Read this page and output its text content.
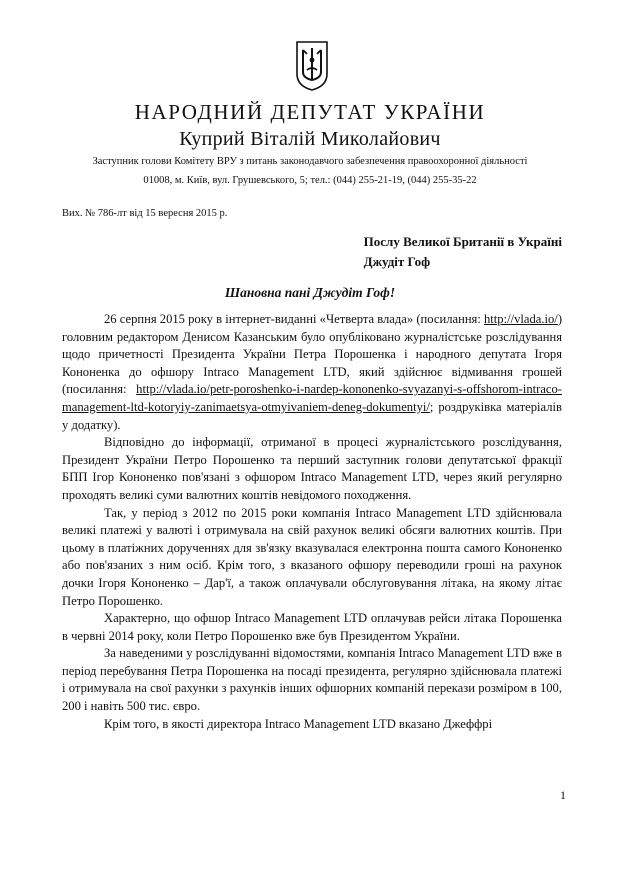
НАРОДНИЙ ДЕПУТАТ УКРАЇНИ
Куприй Віталій Миколайович
Заступник голови Комітету ВРУ з питань законодавчого забезпечення правоохоронної діяльності
01008, м. Київ, вул. Грушевського, 5; тел.: (044) 255-21-19, (044) 255-35-22
Вих. № 786-лт від 15 вересня 2015 р.
Послу Великої Британії в Україні
Джудіт Гоф
Шановна пані Джудіт Гоф!

26 серпня 2015 року в інтернет-виданні «Четверта влада» (посилання: http://vlada.io/) головним редактором Денисом Казанським було опубліковано журналістське розслідування щодо причетності Президента України Петра Порошенка і народного депутата Ігоря Кононенка до офшору Intraco Management LTD, який здійснює відмивання грошей (посилання: http://vlada.io/petr-poroshenko-i-nardep-kononenko-svyazanyi-s-offshorom-intraco-management-ltd-kotoryiy-zanimaetsya-otmyivaniem-deneg-dokumentyi/; роздруківка матеріалів у додатку).

Відповідно до інформації, отриманої в процесі журналістського розслідування, Президент України Петро Порошенко та перший заступник голови депутатської фракції БПП Ігор Кононенко пов'язані з офшором Intraco Management LTD, через який регулярно проходять великі суми валютних коштів невідомого походження.

Так, у період з 2012 по 2015 роки компанія Intraco Management LTD здійснювала великі платежі у валюті і отримувала на свій рахунок великі обсяги валютних коштів. При цьому в платіжних дорученнях для зв'язку вказувалася електронна пошта самого Кононенко або пов'язаних з ним осіб. Крім того, з вказаного офшору переводили гроші на рахунок дочки Ігоря Кононенко – Дар'ї, а також оплачували обслуговування літака, на якому літає Петро Порошенко.

Характерно, що офшор Intraco Management LTD оплачував рейси літака Порошенка в червні 2014 року, коли Петро Порошенко вже був Президентом України.

За наведеними у розслідуванні відомостями, компанія Intraco Management LTD вже в період перебування Петра Порошенка на посаді президента, регулярно здійснювала платежі і отримувала на свої рахунки з рахунків інших офшорних компаній перекази розміром в 100, 200 і навіть 500 тис. євро.

Крім того, в якості директора Intraco Management LTD вказано Джеффрі

1
